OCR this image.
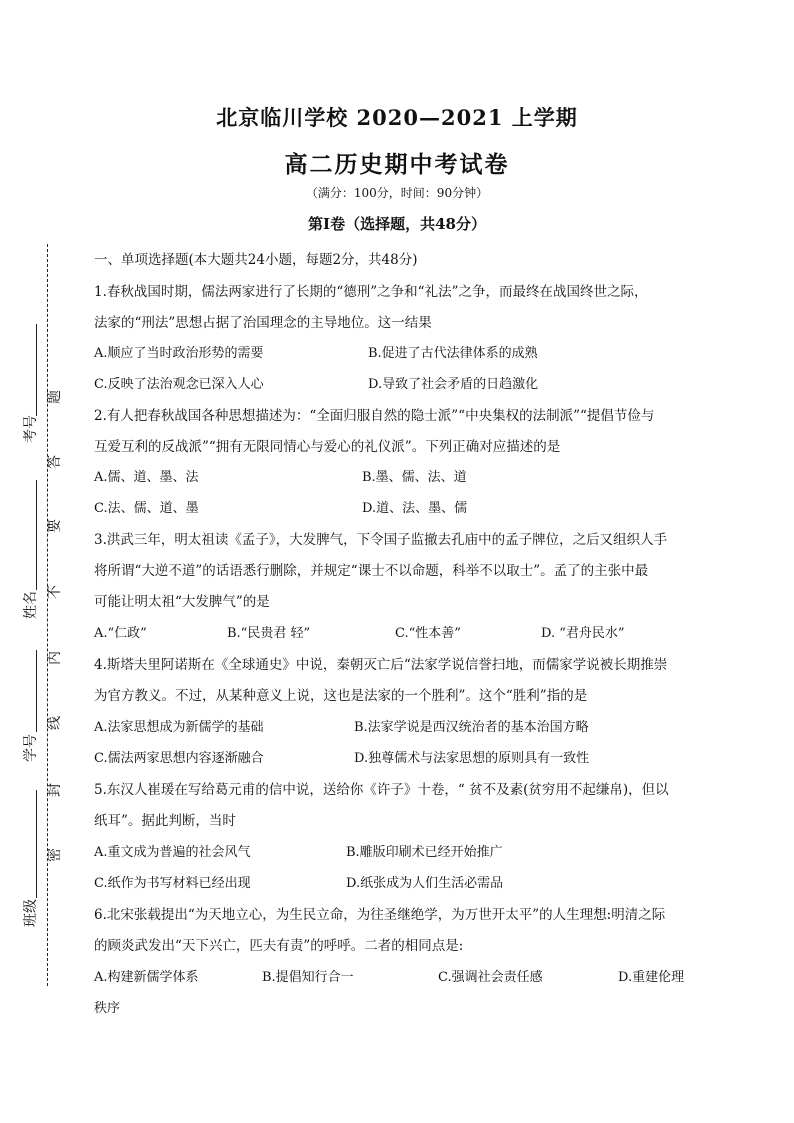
北京临川学校 2020—2021 上学期
高二历史期中考试卷
（满分：100分，时间：90分钟）
第Ⅰ卷（选择题，共48分）
一、单项选择题(本大题共24小题，每题2分，共48分)
考号
姓名
学号
班级
题
答
要
不
内
线
封
密
1.春秋战国时期，儒法两家进行了长期的“德刑”之争和“礼法”之争，而最终在战国终世之际，
法家的“刑法”思想占据了治国理念的主导地位。这一结果
A.顺应了当时政治形势的需要	B.促进了古代法律体系的成熟
C.反映了法治观念已深入人心	D.导致了社会矛盾的日趋激化
2.有人把春秋战国各种思想描述为：“全面归服自然的隐士派”“中央集权的法制派”“提倡节俭与
互爱互利的反战派”“拥有无限同情心与爱心的礼仪派”。下列正确对应描述的是
A.儒、道、墨、法	B.墨、儒、法、道
C.法、儒、道、墨	D.道、法、墨、儒
3.洪武三年，明太祖读《孟子》，大发脾气，下令国子监撤去孔庙中的孟子牌位，之后又组织人手
将所谓“大逆不道”的话语悉行删除，并规定“课士不以命题，科举不以取士”。孟了的主张中最
可能让明太祖“大发脾气”的是
A.“仁政”	B.“民贵君 轻”	C.“性本善”	D. “君舟民水”
4.斯塔夫里阿诺斯在《全球通史》中说，秦朝灭亡后“法家学说信誉扫地，而儒家学说被长期推崇
为官方教义。不过，从某种意义上说，这也是法家的一个胜利”。这个“胜利”指的是
A.法家思想成为新儒学的基础	B.法家学说是西汉统治者的基本治国方略
C.儒法两家思想内容逐渐融合	D.独尊儒术与法家思想的原则具有一致性
5.东汉人崔瑗在写给葛元甫的信中说，送给你《许子》十卷，“ 贫不及素(贫穷用不起缣帛)，但以
纸耳”。据此判断，当时
A.重文成为普遍的社会风气	B.雕版印刷术已经开始推广
C.纸作为书写材料已经出现	D.纸张成为人们生活必需品
6.北宋张载提出“为天地立心，为生民立命，为往圣继绝学，为万世开太平”的人生理想:明清之际
的顾炎武发出“天下兴亡，匹夫有责”的呼呼。二者的相同点是:
A.构建新儒学体系	B.提倡知行合一	C.强调社会责任感	D.重建伦理
秩序
